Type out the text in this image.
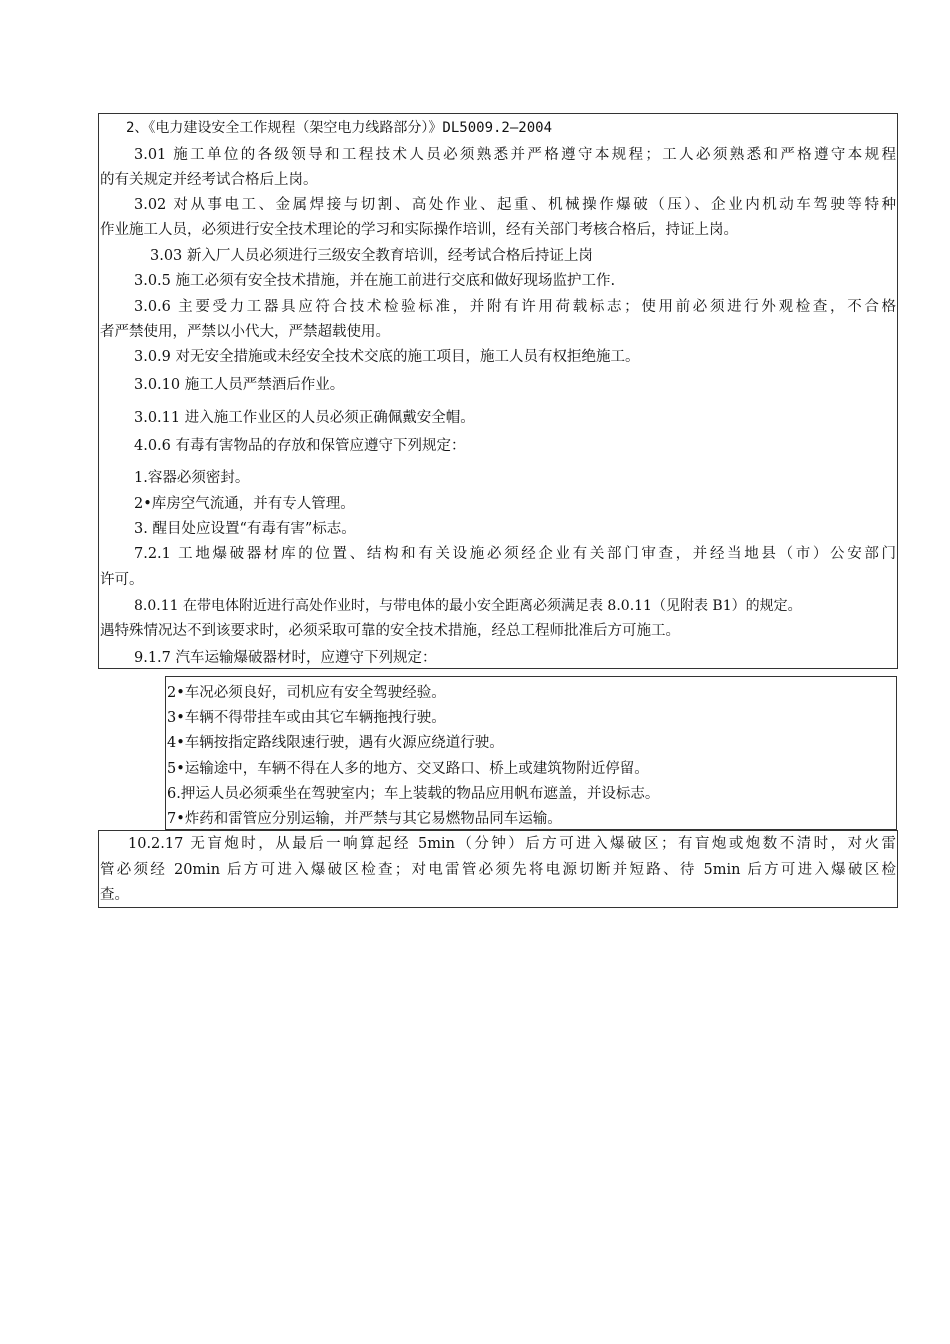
2、《电力建设安全工作规程（架空电力线路部分）》DL5009.2—2004
3.01 施工单位的各级领导和工程技术人员必须熟悉并严格遵守本规程；工人必须熟悉和严格遵守本规程
的有关规定并经考试合格后上岗。
3.02 对从事电工、金属焊接与切割、高处作业、起重、机械操作爆破（压）、企业内机动车驾驶等特种
作业施工人员，必须进行安全技术理论的学习和实际操作培训，经有关部门考核合格后，持证上岗。
3.03 新入厂人员必须进行三级安全教育培训，经考试合格后持证上岗
3.0.5 施工必须有安全技术措施，并在施工前进行交底和做好现场监护工作.
3.0.6 主要受力工器具应符合技术检验标准，并附有许用荷载标志；使用前必须进行外观检查，不合格
者严禁使用，严禁以小代大，严禁超载使用。
3.0.9 对无安全措施或未经安全技术交底的施工项目，施工人员有权拒绝施工。
3.0.10 施工人员严禁酒后作业。
3.0.11 进入施工作业区的人员必须正确佩戴安全帽。
4.0.6 有毒有害物品的存放和保管应遵守下列规定：
1.容器必须密封。
2•库房空气流通，并有专人管理。
3. 醒目处应设置“有毒有害”标志。
7.2.1 工地爆破器材库的位置、结构和有关设施必须经企业有关部门审查，并经当地县（市）公安部门
许可。
8.0.11 在带电体附近进行高处作业时，与带电体的最小安全距离必须满足表 8.0.11（见附表 B1）的规定。
遇特殊情况达不到该要求时，必须采取可靠的安全技术措施，经总工程师批准后方可施工。
9.1.7 汽车运输爆破器材时，应遵守下列规定：
2•车况必须良好，司机应有安全驾驶经验。
3•车辆不得带挂车或由其它车辆拖拽行驶。
4•车辆按指定路线限速行驶，遇有火源应绕道行驶。
5•运输途中，车辆不得在人多的地方、交叉路口、桥上或建筑物附近停留。
6.押运人员必须乘坐在驾驶室内；车上装载的物品应用帆布遮盖，并设标志。
7•炸药和雷管应分别运输，并严禁与其它易燃物品同车运输。
10.2.17 无盲炮时，从最后一响算起经 5min（分钟）后方可进入爆破区；有盲炮或炮数不清时，对火雷
管必须经 20min 后方可进入爆破区检查；对电雷管必须先将电源切断并短路、待 5min 后方可进入爆破区检
查。
